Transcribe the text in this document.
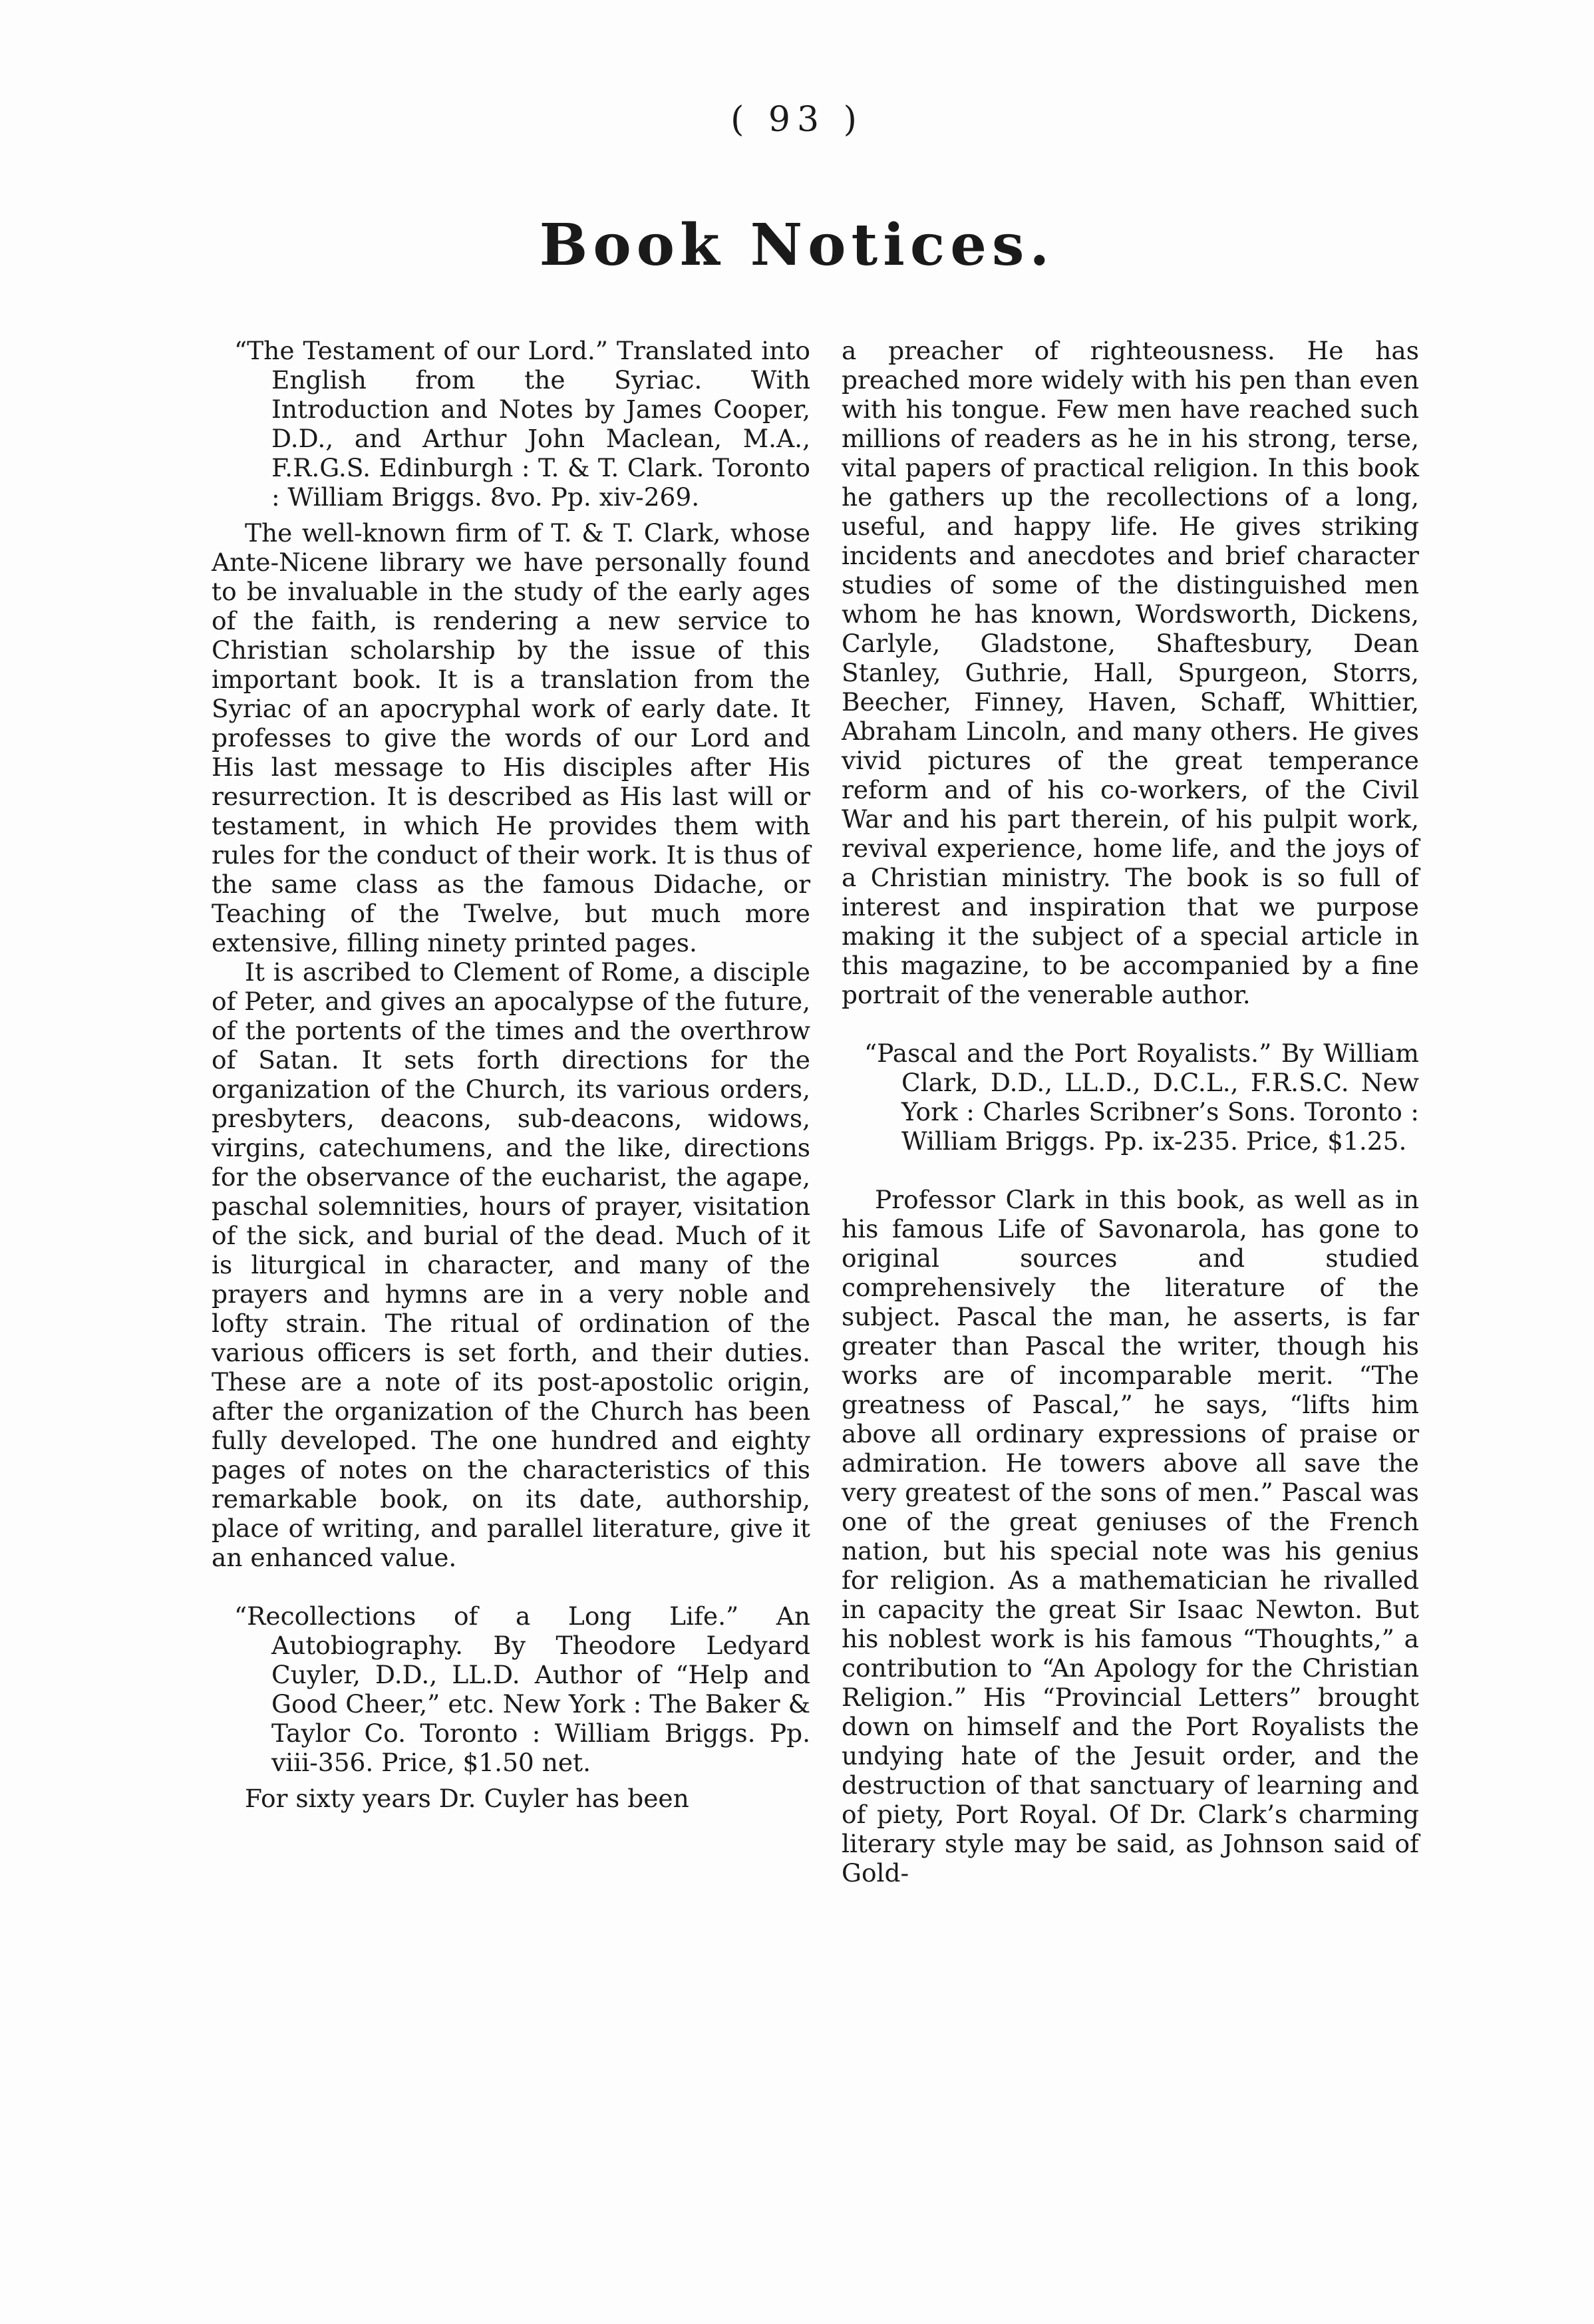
( 93 )
Book Notices.

“The Testament of our Lord.” Translated into English from the Syriac. With Introduction and Notes by James Cooper, D.D., and Arthur John Maclean, M.A., F.R.G.S. Edinburgh : T. & T. Clark. Toronto : William Briggs. 8vo. Pp. xiv-269.

The well-known firm of T. & T. Clark, whose Ante-Nicene library we have personally found to be invaluable in the study of the early ages of the faith, is rendering a new service to Christian scholarship by the issue of this important book. It is a translation from the Syriac of an apocryphal work of early date. It professes to give the words of our Lord and His last message to His disciples after His resurrection. It is described as His last will or testament, in which He provides them with rules for the conduct of their work. It is thus of the same class as the famous Didache, or Teaching of the Twelve, but much more extensive, filling ninety printed pages.

It is ascribed to Clement of Rome, a disciple of Peter, and gives an apocalypse of the future, of the portents of the times and the overthrow of Satan. It sets forth directions for the organization of the Church, its various orders, presbyters, deacons, sub-deacons, widows, virgins, catechumens, and the like, directions for the observance of the eucharist, the agape, paschal solemnities, hours of prayer, visitation of the sick, and burial of the dead. Much of it is liturgical in character, and many of the prayers and hymns are in a very noble and lofty strain. The ritual of ordination of the various officers is set forth, and their duties. These are a note of its post-apostolic origin, after the organization of the Church has been fully developed. The one hundred and eighty pages of notes on the characteristics of this remarkable book, on its date, authorship, place of writing, and parallel literature, give it an enhanced value.

“Recollections of a Long Life.” An Autobiography. By Theodore Ledyard Cuyler, D.D., LL.D. Author of “Help and Good Cheer,” etc. New York : The Baker & Taylor Co. Toronto : William Briggs. Pp. viii-356. Price, $1.50 net.

For sixty years Dr. Cuyler has been

a preacher of righteousness. He has preached more widely with his pen than even with his tongue. Few men have reached such millions of readers as he in his strong, terse, vital papers of practical religion. In this book he gathers up the recollections of a long, useful, and happy life. He gives striking incidents and anecdotes and brief character studies of some of the distinguished men whom he has known, Wordsworth, Dickens, Carlyle, Gladstone, Shaftesbury, Dean Stanley, Guthrie, Hall, Spurgeon, Storrs, Beecher, Finney, Haven, Schaff, Whittier, Abraham Lincoln, and many others. He gives vivid pictures of the great temperance reform and of his co-workers, of the Civil War and his part therein, of his pulpit work, revival experience, home life, and the joys of a Christian ministry. The book is so full of interest and inspiration that we purpose making it the subject of a special article in this magazine, to be accompanied by a fine portrait of the venerable author.

“Pascal and the Port Royalists.” By William Clark, D.D., LL.D., D.C.L., F.R.S.C. New York : Charles Scribner’s Sons. Toronto : William Briggs. Pp. ix-235. Price, $1.25.

Professor Clark in this book, as well as in his famous Life of Savonarola, has gone to original sources and studied comprehensively the literature of the subject. Pascal the man, he asserts, is far greater than Pascal the writer, though his works are of incomparable merit. “The greatness of Pascal,” he says, “lifts him above all ordinary expressions of praise or admiration. He towers above all save the very greatest of the sons of men.” Pascal was one of the great geniuses of the French nation, but his special note was his genius for religion. As a mathematician he rivalled in capacity the great Sir Isaac Newton. But his noblest work is his famous “Thoughts,” a contribution to “An Apology for the Christian Religion.” His “Provincial Letters” brought down on himself and the Port Royalists the undying hate of the Jesuit order, and the destruction of that sanctuary of learning and of piety, Port Royal. Of Dr. Clark’s charming literary style may be said, as Johnson said of Gold-
